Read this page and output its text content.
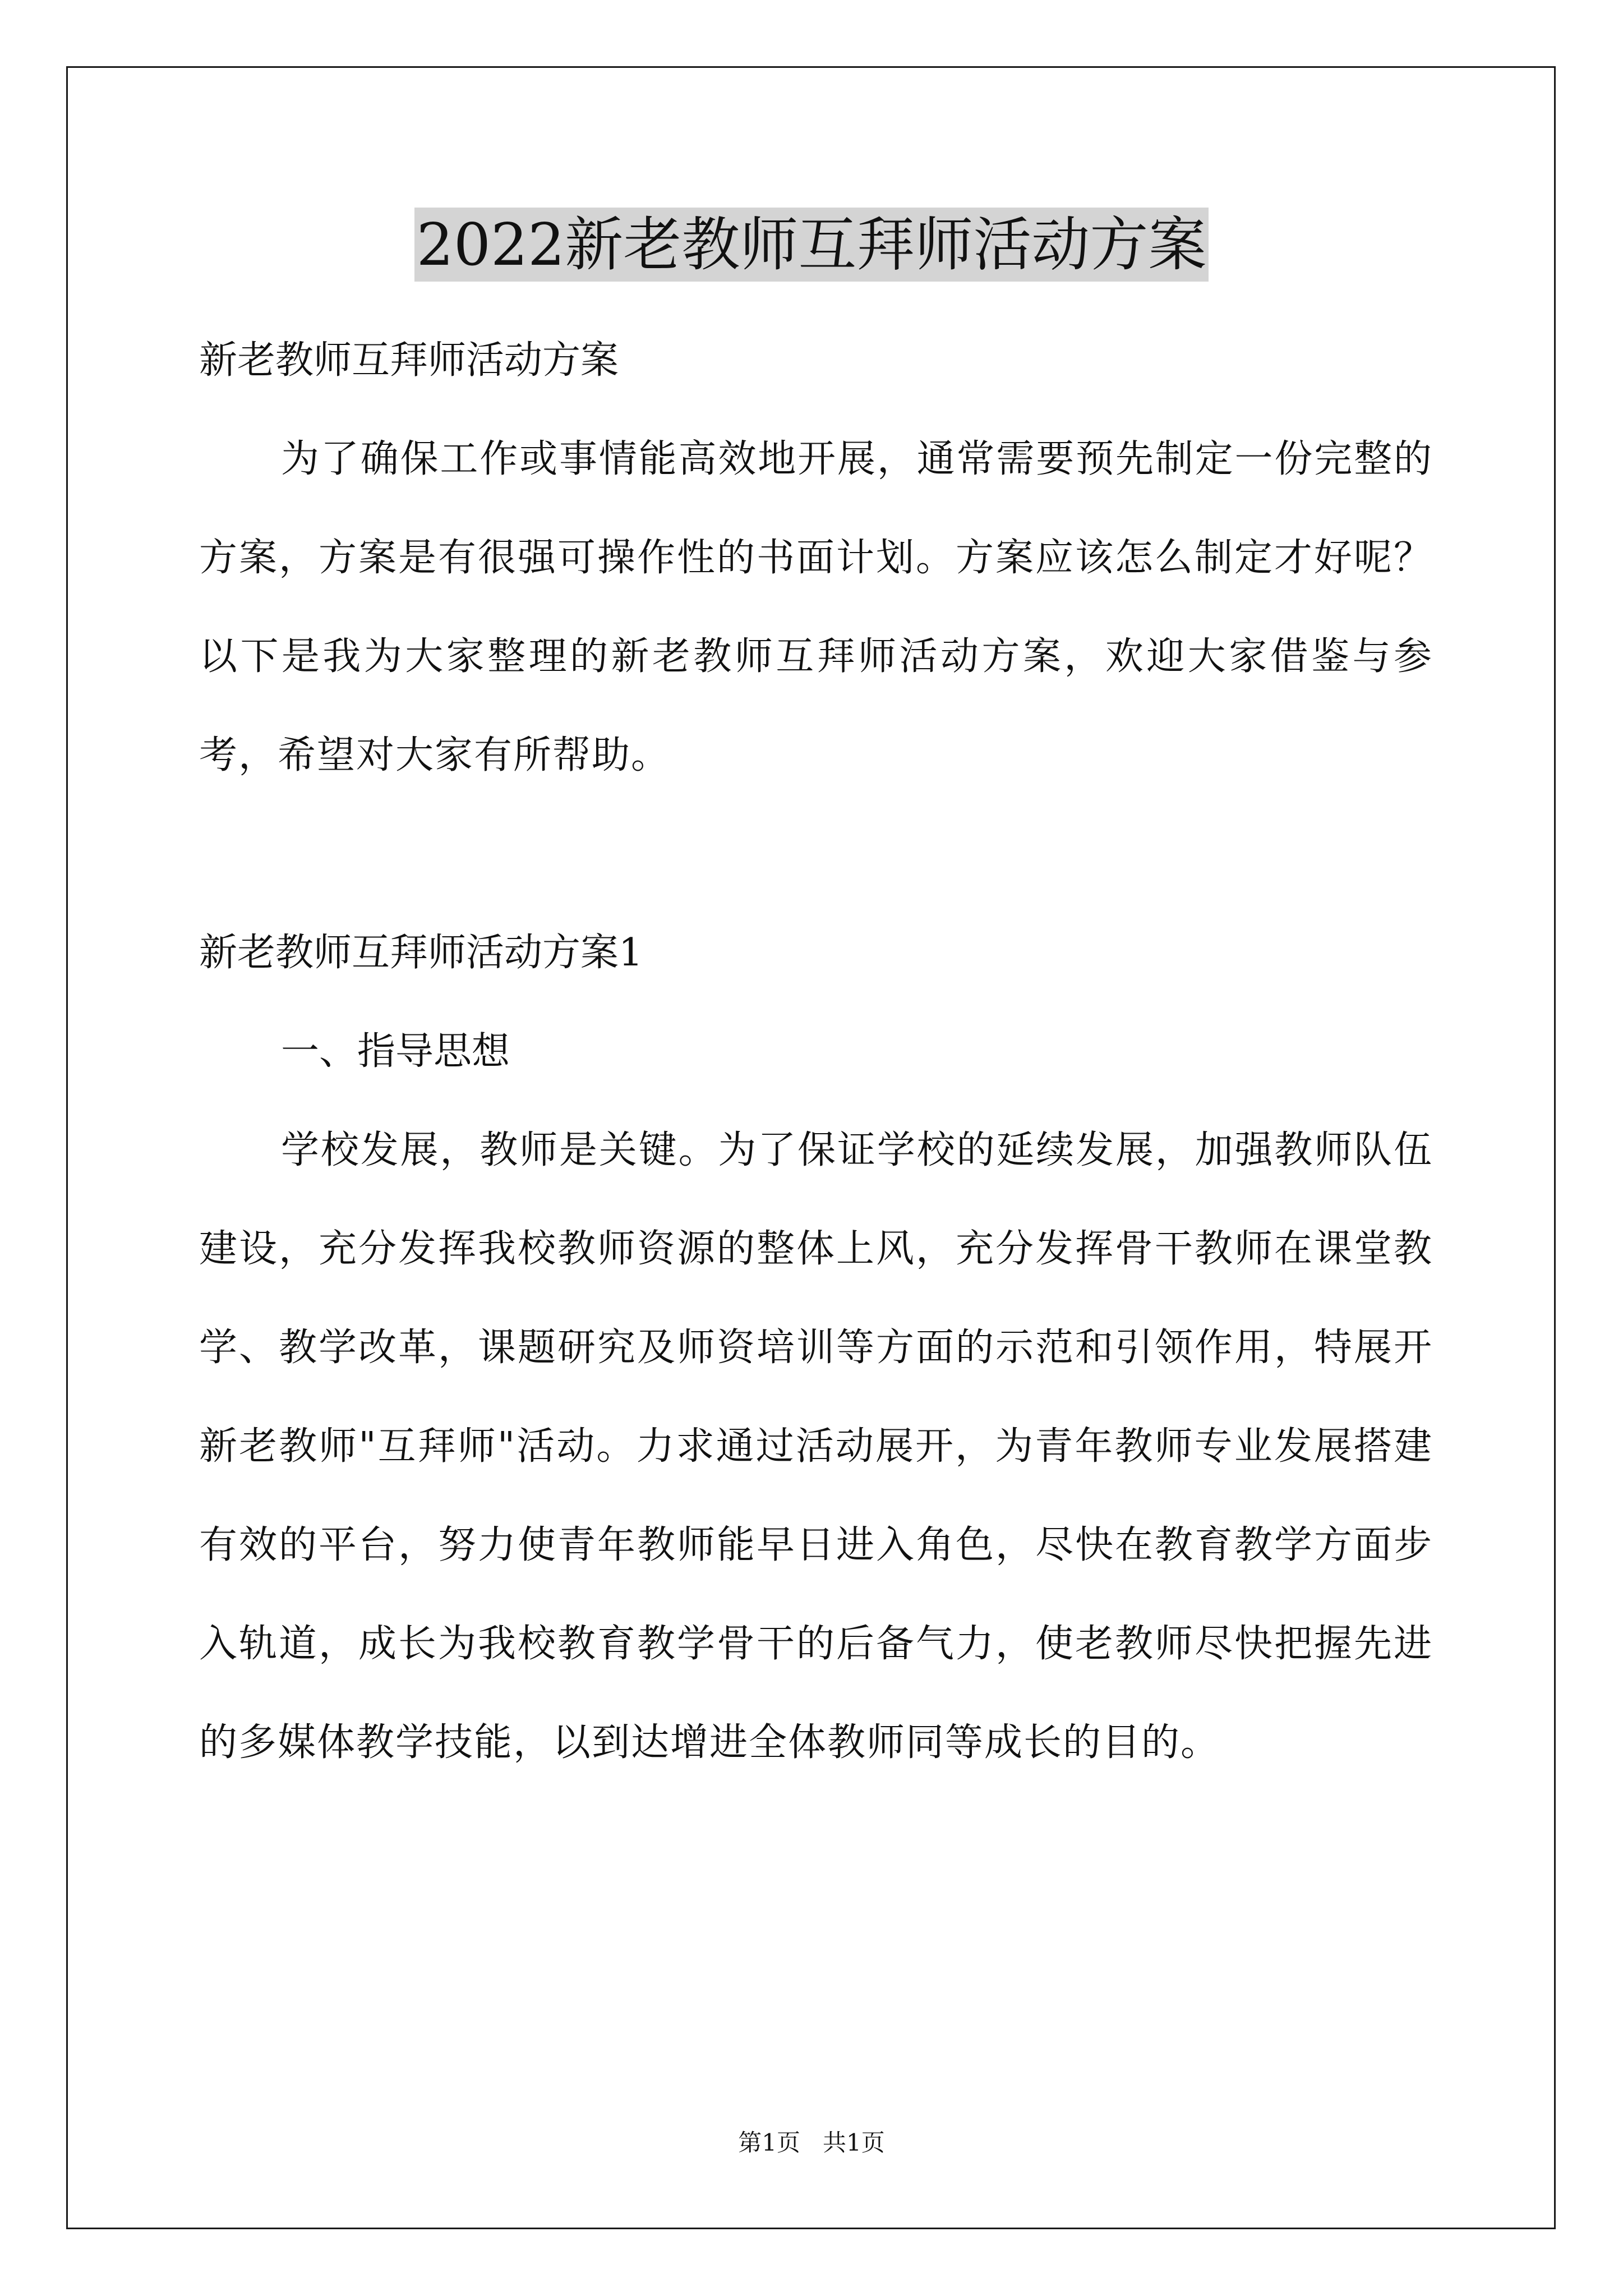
2022新老教师互拜师活动方案

新老教师互拜师活动方案

为了确保工作或事情能高效地开展，通常需要预先制定一份完整的方案，方案是有很强可操作性的书面计划。方案应该怎么制定才好呢？以下是我为大家整理的新老教师互拜师活动方案，欢迎大家借鉴与参考，希望对大家有所帮助。

新老教师互拜师活动方案1

一、指导思想

学校发展，教师是关键。为了保证学校的延续发展，加强教师队伍建设，充分发挥我校教师资源的整体上风，充分发挥骨干教师在课堂教学、教学改革，课题研究及师资培训等方面的示范和引领作用，特展开新老教师"互拜师"活动。力求通过活动展开，为青年教师专业发展搭建有效的平台，努力使青年教师能早日进入角色，尽快在教育教学方面步入轨道，成长为我校教育教学骨干的后备气力，使老教师尽快把握先进的多媒体教学技能，以到达增进全体教师同等成长的目的。

第1页   共1页
